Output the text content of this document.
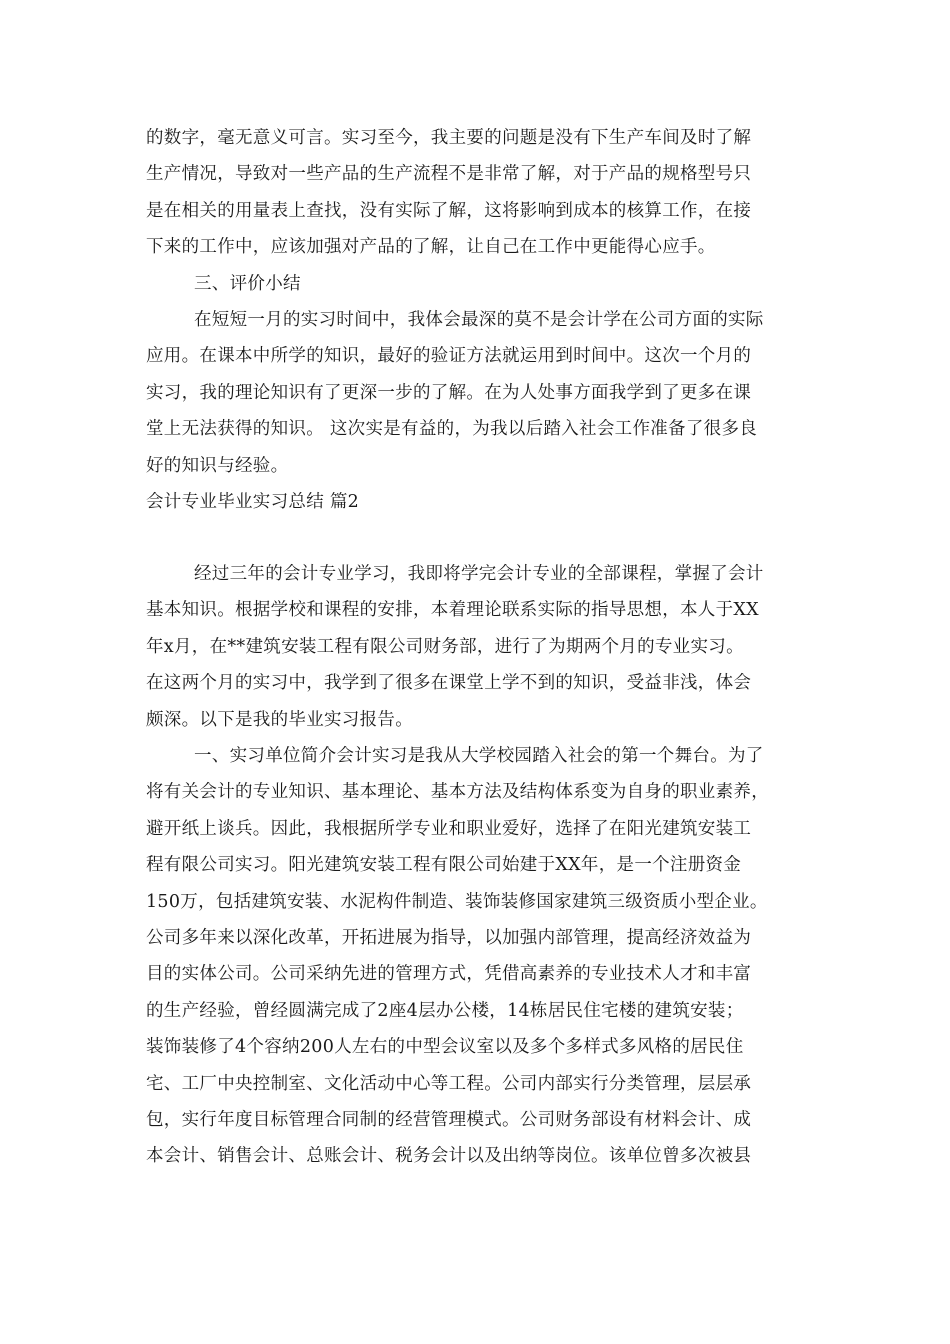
的数字，毫无意义可言。实习至今，我主要的问题是没有下生产车间及时了解
生产情况，导致对一些产品的生产流程不是非常了解，对于产品的规格型号只
是在相关的用量表上查找，没有实际了解，这将影响到成本的核算工作，在接
下来的工作中，应该加强对产品的了解，让自己在工作中更能得心应手。
三、评价小结
在短短一月的实习时间中，我体会最深的莫不是会计学在公司方面的实际
应用。在课本中所学的知识，最好的验证方法就运用到时间中。这次一个月的
实习，我的理论知识有了更深一步的了解。在为人处事方面我学到了更多在课
堂上无法获得的知识。 这次实是有益的，为我以后踏入社会工作准备了很多良
好的知识与经验。
会计专业毕业实习总结 篇2
经过三年的会计专业学习，我即将学完会计专业的全部课程，掌握了会计
基本知识。根据学校和课程的安排，本着理论联系实际的指导思想，本人于XX
年x月，在**建筑安装工程有限公司财务部，进行了为期两个月的专业实习。
在这两个月的实习中，我学到了很多在课堂上学不到的知识，受益非浅，体会
颇深。以下是我的毕业实习报告。
一、实习单位简介会计实习是我从大学校园踏入社会的第一个舞台。为了
将有关会计的专业知识、基本理论、基本方法及结构体系变为自身的职业素养，
避开纸上谈兵。因此，我根据所学专业和职业爱好，选择了在阳光建筑安装工
程有限公司实习。阳光建筑安装工程有限公司始建于XX年，是一个注册资金
150万，包括建筑安装、水泥构件制造、装饰装修国家建筑三级资质小型企业。
公司多年来以深化改革，开拓进展为指导，以加强内部管理，提高经济效益为
目的实体公司。公司采纳先进的管理方式，凭借高素养的专业技术人才和丰富
的生产经验，曾经圆满完成了2座4层办公楼，14栋居民住宅楼的建筑安装；
装饰装修了4个容纳200人左右的中型会议室以及多个多样式多风格的居民住
宅、工厂中央控制室、文化活动中心等工程。公司内部实行分类管理，层层承
包，实行年度目标管理合同制的经营管理模式。公司财务部设有材料会计、成
本会计、销售会计、总账会计、税务会计以及出纳等岗位。该单位曾多次被县
